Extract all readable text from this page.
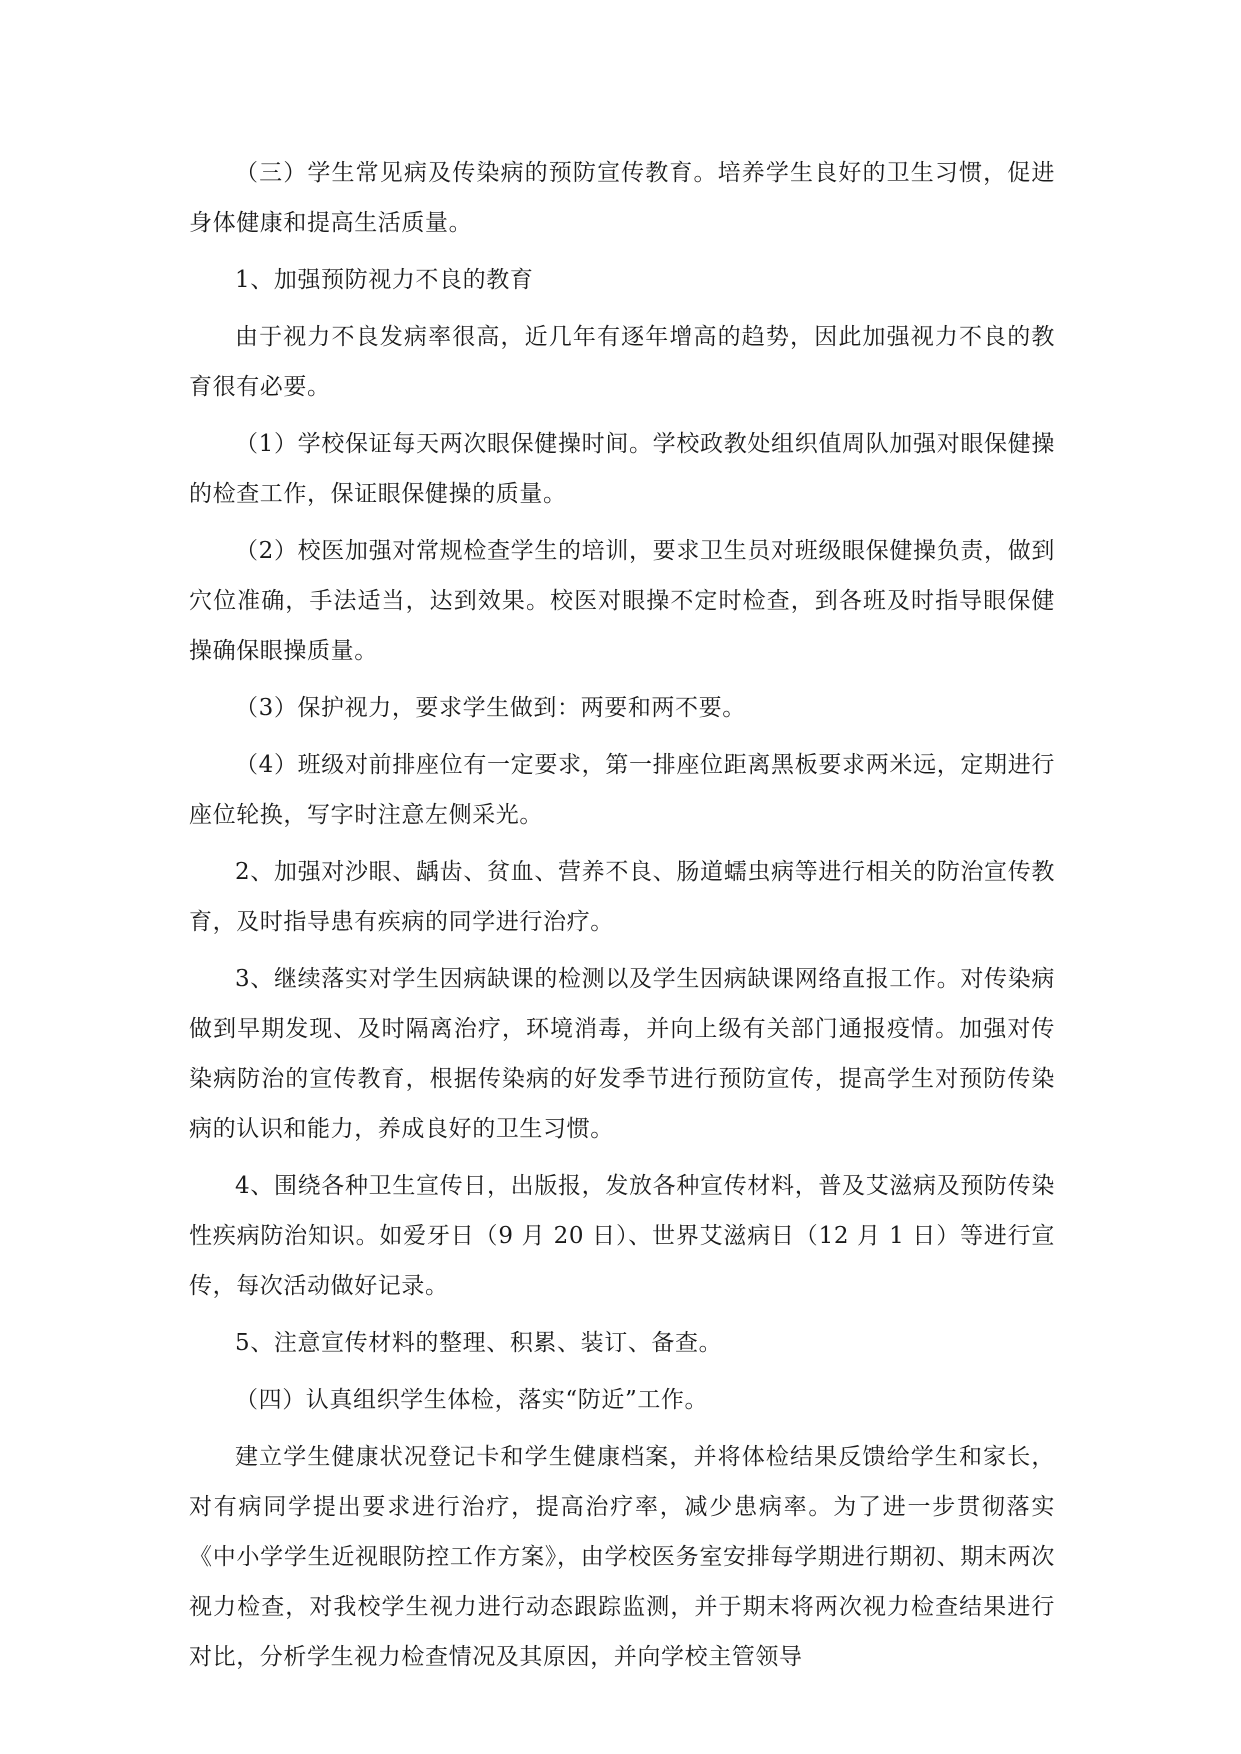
（三）学生常见病及传染病的预防宣传教育。培养学生良好的卫生习惯，促进身体健康和提高生活质量。

1、加强预防视力不良的教育

由于视力不良发病率很高，近几年有逐年增高的趋势，因此加强视力不良的教育很有必要。

（1）学校保证每天两次眼保健操时间。学校政教处组织值周队加强对眼保健操的检查工作，保证眼保健操的质量。

（2）校医加强对常规检查学生的培训，要求卫生员对班级眼保健操负责，做到穴位准确，手法适当，达到效果。校医对眼操不定时检查，到各班及时指导眼保健操确保眼操质量。

（3）保护视力，要求学生做到：两要和两不要。

（4）班级对前排座位有一定要求，第一排座位距离黑板要求两米远，定期进行座位轮换，写字时注意左侧采光。

2、加强对沙眼、龋齿、贫血、营养不良、肠道蠕虫病等进行相关的防治宣传教育，及时指导患有疾病的同学进行治疗。

3、继续落实对学生因病缺课的检测以及学生因病缺课网络直报工作。对传染病做到早期发现、及时隔离治疗，环境消毒，并向上级有关部门通报疫情。加强对传染病防治的宣传教育，根据传染病的好发季节进行预防宣传，提高学生对预防传染病的认识和能力，养成良好的卫生习惯。

4、围绕各种卫生宣传日，出版报，发放各种宣传材料，普及艾滋病及预防传染性疾病防治知识。如爱牙日（9 月 20 日）、世界艾滋病日（12 月 1 日）等进行宣传，每次活动做好记录。

5、注意宣传材料的整理、积累、装订、备查。

（四）认真组织学生体检，落实“防近”工作。

建立学生健康状况登记卡和学生健康档案，并将体检结果反馈给学生和家长，对有病同学提出要求进行治疗，提高治疗率，减少患病率。为了进一步贯彻落实《中小学学生近视眼防控工作方案》，由学校医务室安排每学期进行期初、期末两次视力检查，对我校学生视力进行动态跟踪监测，并于期末将两次视力检查结果进行对比，分析学生视力检查情况及其原因，并向学校主管领导
